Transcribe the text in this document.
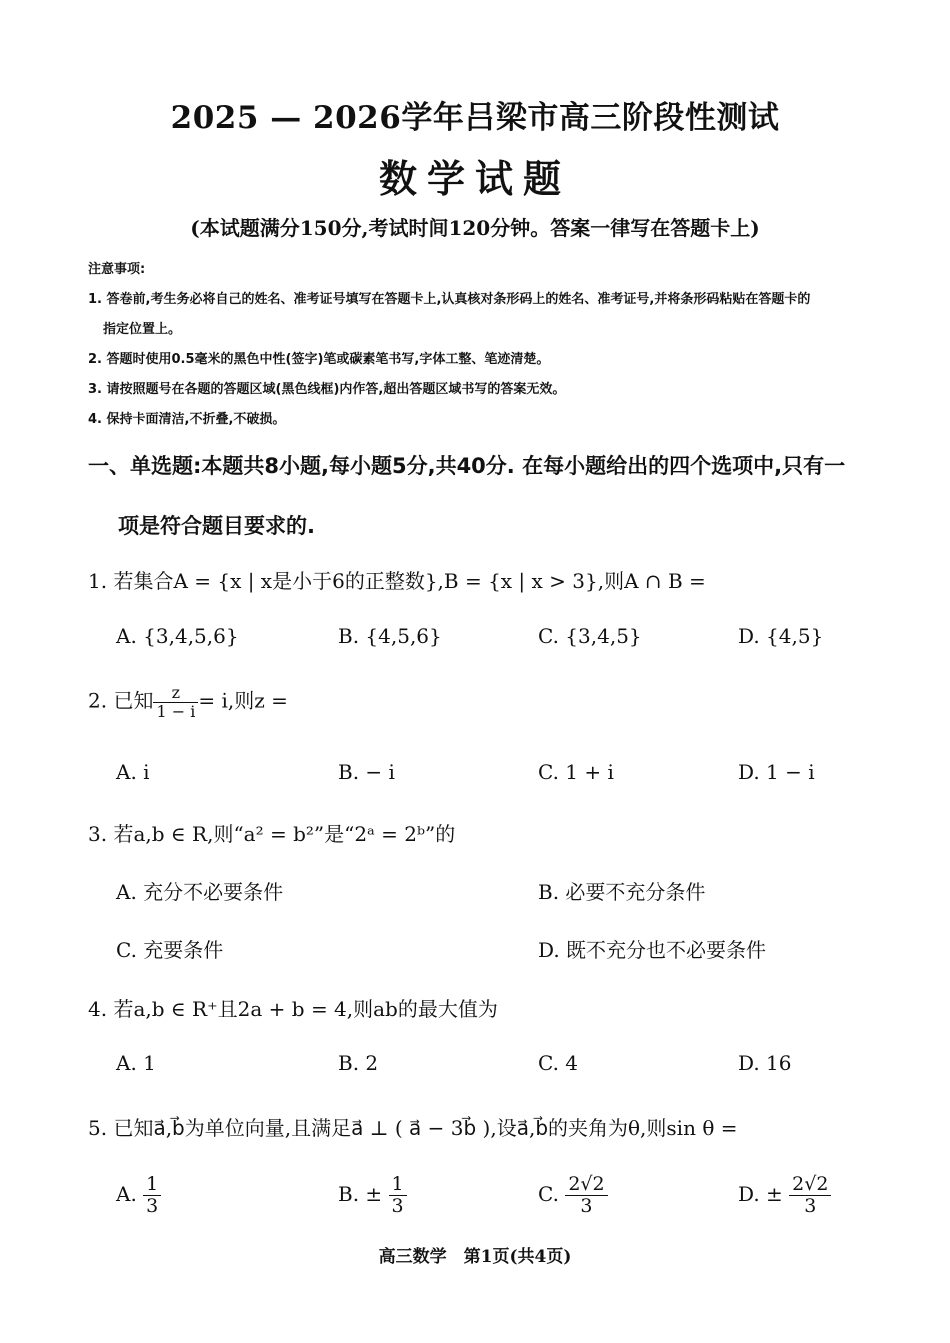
2025 — 2026学年吕梁市高三阶段性测试
数学试题
(本试题满分150分,考试时间120分钟。答案一律写在答题卡上)
注意事项:
1. 答卷前,考生务必将自己的姓名、准考证号填写在答题卡上,认真核对条形码上的姓名、准考证号,并将条形码粘贴在答题卡的
指定位置上。
2. 答题时使用0.5毫米的黑色中性(签字)笔或碳素笔书写,字体工整、笔迹清楚。
3. 请按照题号在各题的答题区域(黑色线框)内作答,超出答题区域书写的答案无效。
4. 保持卡面清洁,不折叠,不破损。
一、单选题:本题共8小题,每小题5分,共40分. 在每小题给出的四个选项中,只有一
项是符合题目要求的.
1. 若集合A = {x | x是小于6的正整数},B = {x | x > 3},则A ∩ B =
A. {3,4,5,6}	B. {4,5,6}	C. {3,4,5}	D. {4,5}
2. 已知 $\frac{z}{1 - i} = i$,则z =
A. i	B. − i	C. 1 + i	D. 1 − i
3. 若a,b ∈ R,则“a² = b²”是“2ᵃ = 2ᵇ”的
A. 充分不必要条件	B. 必要不充分条件
C. 充要条件	D. 既不充分也不必要条件
4. 若a,b ∈ R⁺且2a + b = 4,则ab的最大值为
A. 1	B. 2	C. 4	D. 16
5. 已知a⃗,b⃗为单位向量,且满足a⃗ ⊥ ( a⃗ − 3b⃗ ),设a⃗,b⃗的夹角为θ,则sin θ =
A. $\frac{1}{3}$	B. ± $\frac{1}{3}$	C. $\frac{2√2}{3}$	D. ± $\frac{2√2}{3}$
高三数学　第1页(共4页)
